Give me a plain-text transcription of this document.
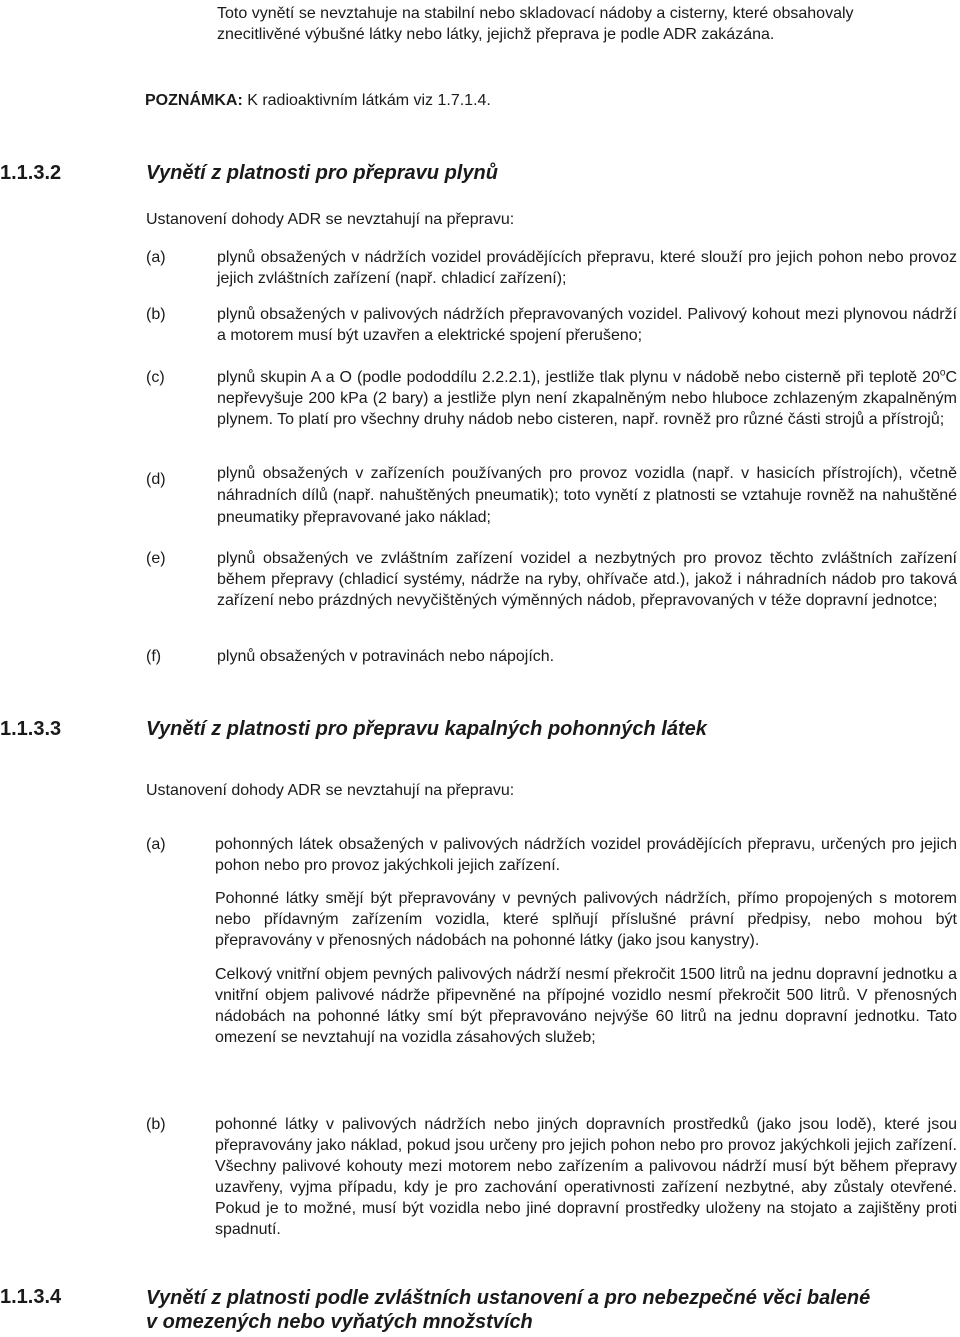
Toto vynětí se nevztahuje na stabilní nebo skladovací nádoby a cisterny, které obsahovaly
znecitlivěné výbušné látky nebo látky, jejichž přeprava je podle ADR zakázána.
POZNÁMKA: K radioaktivním látkám viz 1.7.1.4.
1.1.3.2	Vynětí z platnosti pro přepravu plynů
Ustanovení dohody ADR se nevztahují na přepravu:
(a)	plynů obsažených v nádržích vozidel provádějících přepravu, které slouží pro jejich pohon nebo provoz jejich zvláštních zařízení (např. chladicí zařízení);
(b)	plynů obsažených v palivových nádržích přepravovaných vozidel. Palivový kohout mezi plynovou nádrží a motorem musí být uzavřen a elektrické spojení přerušeno;
(c)	plynů skupin A a O (podle pododdílu 2.2.2.1), jestliže tlak plynu v nádobě nebo cisterně při teplotě 20$^o$C nepřevyšuje 200 kPa (2 bary) a jestliže plyn není zkapalněným nebo hluboce zchlazeným zkapalněným plynem. To platí pro všechny druhy nádob nebo cisteren, např. rovněž pro různé části strojů a přístrojů;
(d)	plynů obsažených v zařízeních používaných pro provoz vozidla (např. v hasicích přístrojích), včetně náhradních dílů (např. nahuštěných pneumatik); toto vynětí z platnosti se vztahuje rovněž na nahuštěné pneumatiky přepravované jako náklad;
(e)	plynů obsažených ve zvláštním zařízení vozidel a nezbytných pro provoz těchto zvláštních zařízení během přepravy (chladicí systémy, nádrže na ryby, ohřívače atd.), jakož i náhradních nádob pro taková zařízení nebo prázdných nevyčištěných výměnných nádob, přepravovaných v téže dopravní jednotce;
(f)	plynů obsažených v potravinách nebo nápojích.
1.1.3.3	Vynětí z platnosti pro přepravu kapalných pohonných látek
Ustanovení dohody ADR se nevztahují na přepravu:
(a)	pohonných látek obsažených v palivových nádržích vozidel provádějících přepravu, určených pro jejich pohon nebo pro provoz jakýchkoli jejich zařízení.
Pohonné látky smějí být přepravovány v pevných palivových nádržích, přímo propojených s motorem nebo přídavným zařízením vozidla, které splňují příslušné právní předpisy, nebo mohou být přepravovány v přenosných nádobách na pohonné látky (jako jsou kanystry).
Celkový vnitřní objem pevných palivových nádrží nesmí překročit 1500 litrů na jednu dopravní jednotku a vnitřní objem palivové nádrže připevněné na přípojné vozidlo nesmí překročit 500 litrů. V přenosných nádobách na pohonné látky smí být přepravováno nejvýše 60 litrů na jednu dopravní jednotku. Tato omezení se nevztahují na vozidla zásahových služeb;
(b)	pohonné látky v palivových nádržích nebo jiných dopravních prostředků (jako jsou lodě), které jsou přepravovány jako náklad, pokud jsou určeny pro jejich pohon nebo pro provoz jakýchkoli jejich zařízení. Všechny palivové kohouty mezi motorem nebo zařízením a palivovou nádrží musí být během přepravy uzavřeny, vyjma případu, kdy je pro zachování operativnosti zařízení nezbytné, aby zůstaly otevřené. Pokud je to možné, musí být vozidla nebo jiné dopravní prostředky uloženy na stojato a zajištěny proti spadnutí.
1.1.3.4	Vynětí z platnosti podle zvláštních ustanovení a pro nebezpečné věci balené
v omezených nebo vyňatých množstvích
